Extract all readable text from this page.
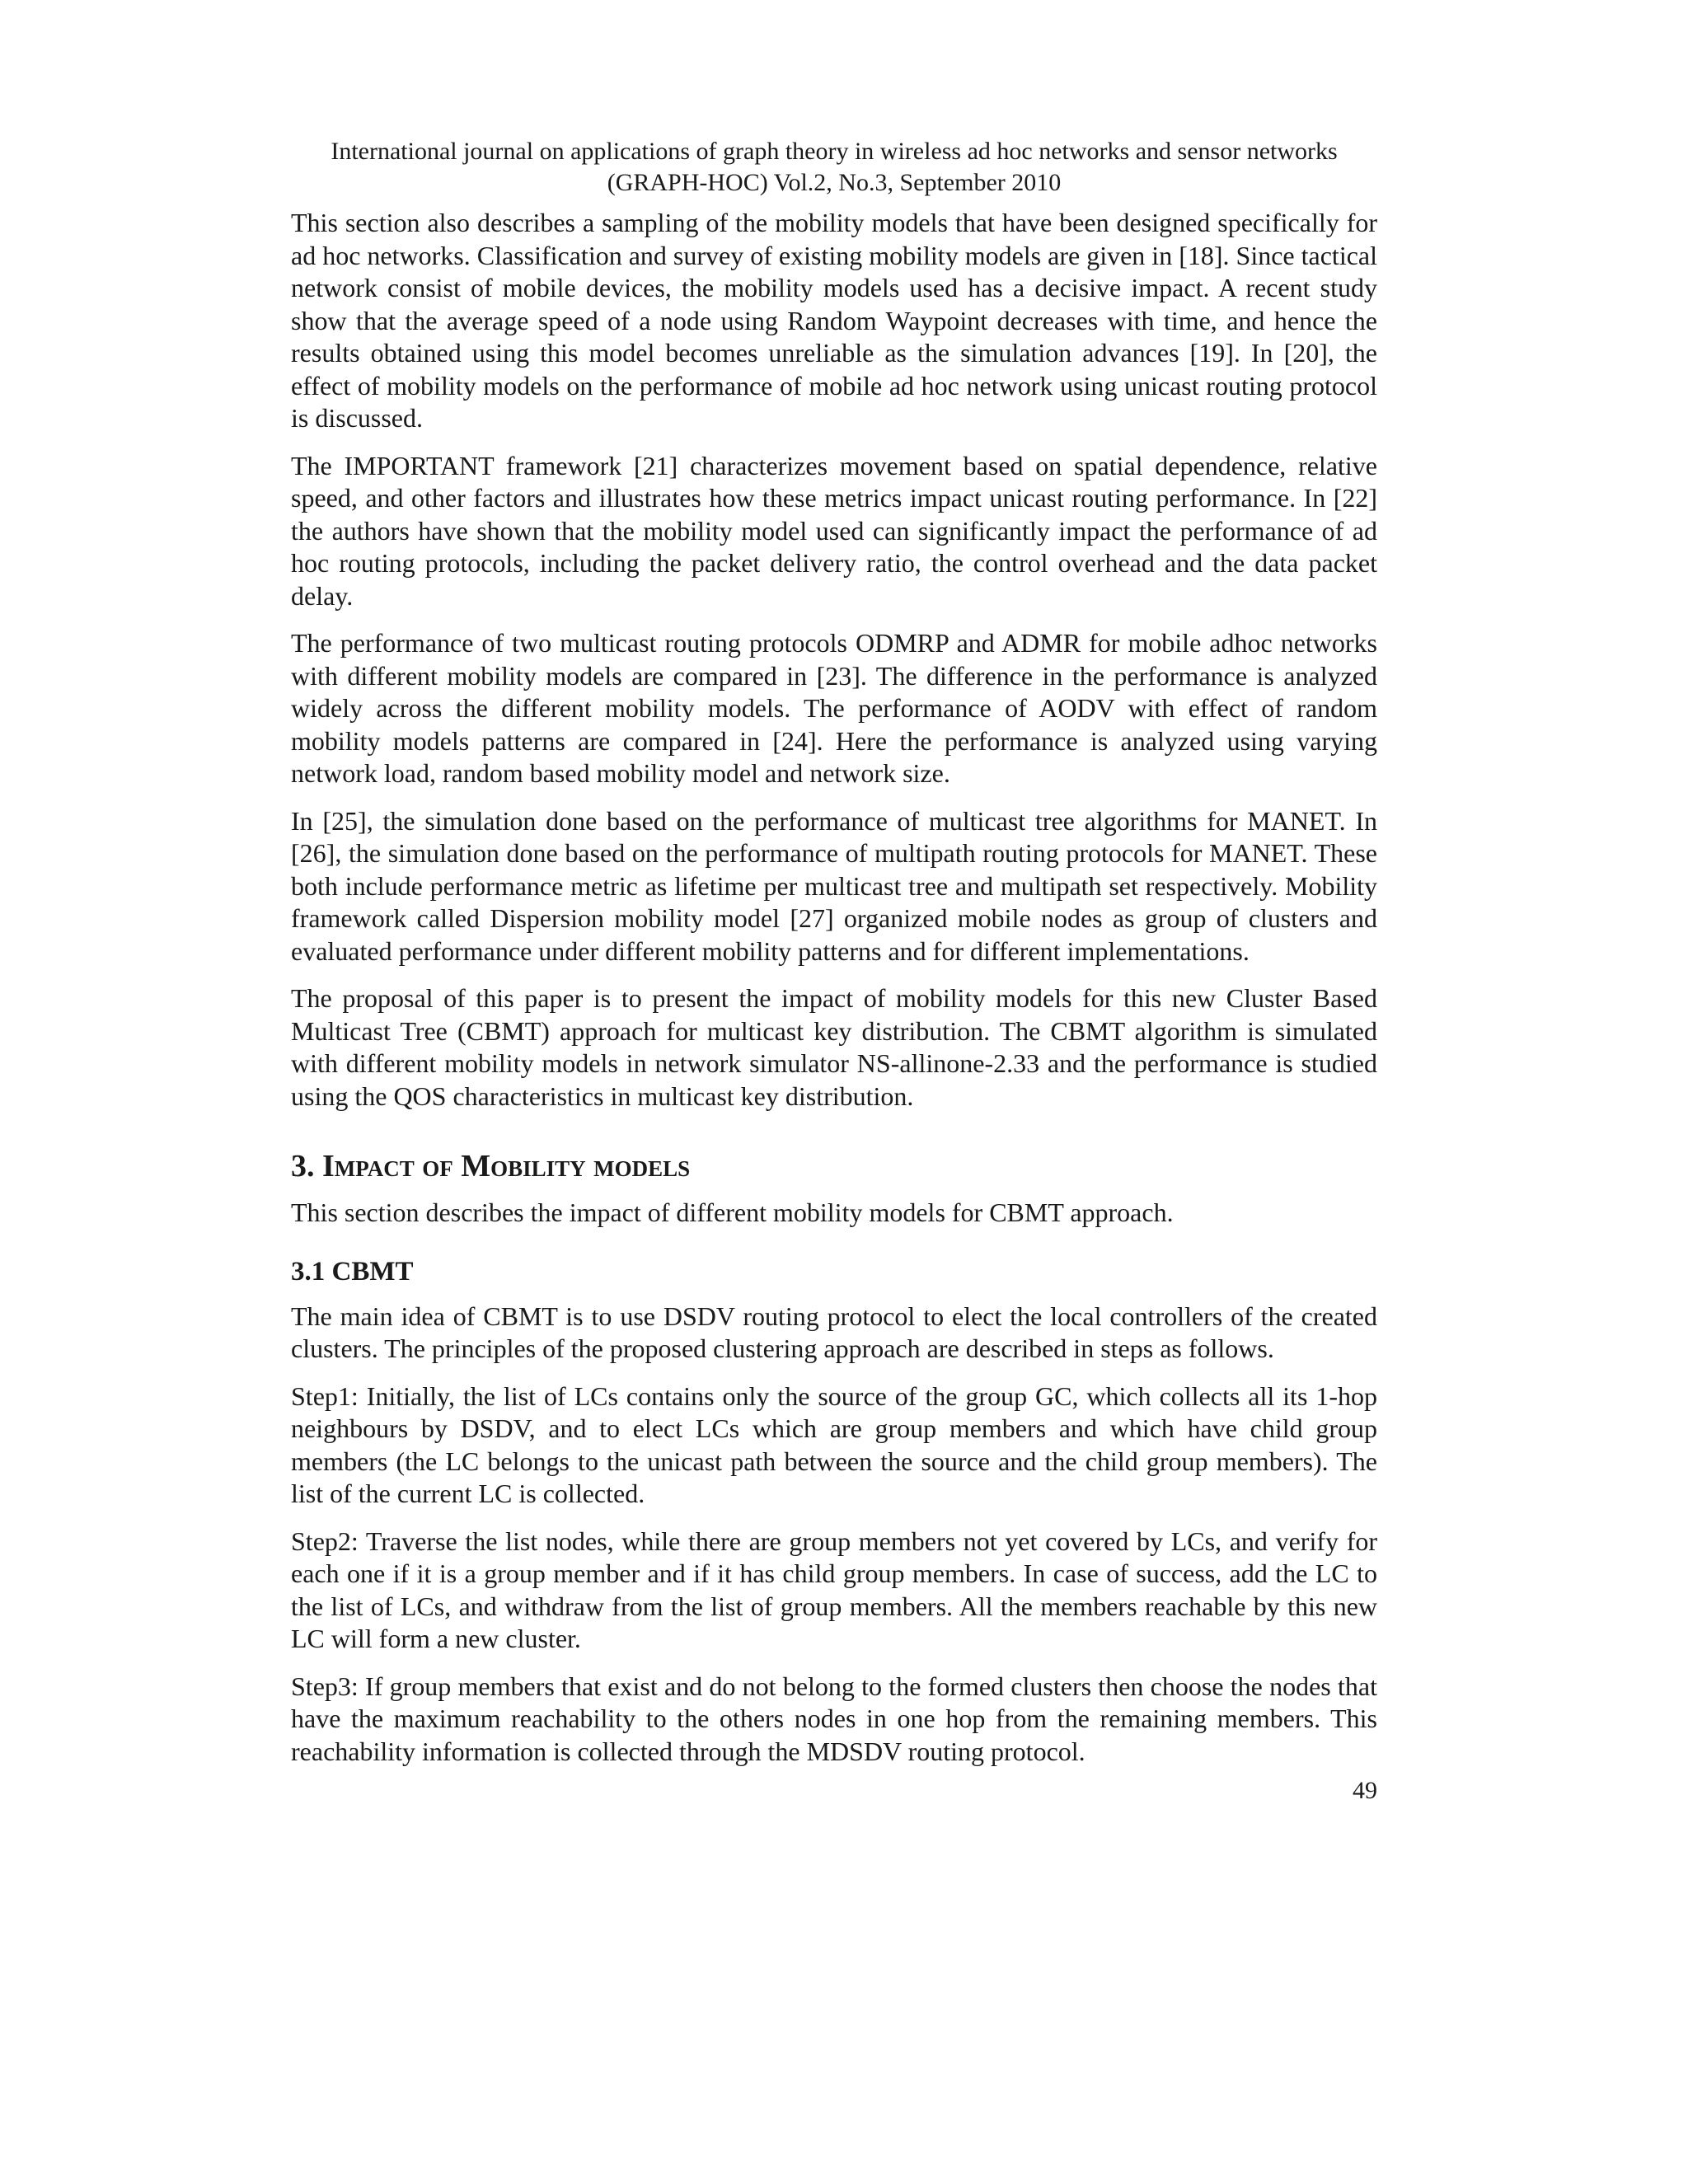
International journal on applications of graph theory in wireless ad hoc networks and sensor networks
(GRAPH-HOC) Vol.2, No.3, September 2010

This section also describes a sampling of the mobility models that have been designed specifically for ad hoc networks. Classification and survey of existing mobility models are given in [18]. Since tactical network consist of mobile devices, the mobility models used has a decisive impact. A recent study show that the average speed of a node using Random Waypoint decreases with time, and hence the results obtained using this model becomes unreliable as the simulation advances [19]. In [20], the effect of mobility models on the performance of mobile ad hoc network using unicast routing protocol is discussed.

The IMPORTANT framework [21] characterizes movement based on spatial dependence, relative speed, and other factors and illustrates how these metrics impact unicast routing performance. In [22] the authors have shown that the mobility model used can significantly impact the performance of ad hoc routing protocols, including the packet delivery ratio, the control overhead and the data packet delay.

The performance of two multicast routing protocols ODMRP and ADMR for mobile adhoc networks with different mobility models are compared in [23]. The difference in the performance is analyzed widely across the different mobility models. The performance of AODV with effect of random mobility models patterns are compared in [24]. Here the performance is analyzed using varying network load, random based mobility model and network size.

In [25], the simulation done based on the performance of multicast tree algorithms for MANET. In [26], the simulation done based on the performance of multipath routing protocols for MANET. These both include performance metric as lifetime per multicast tree and multipath set respectively. Mobility framework called Dispersion mobility model [27] organized mobile nodes as group of clusters and evaluated performance under different mobility patterns and for different implementations.

The proposal of this paper is to present the impact of mobility models for this new Cluster Based Multicast Tree (CBMT) approach for multicast key distribution. The CBMT algorithm is simulated with different mobility models in network simulator NS-allinone-2.33 and the performance is studied using the QOS characteristics in multicast key distribution.

3. Impact of Mobility models

This section describes the impact of different mobility models for CBMT approach.

3.1 CBMT

The main idea of CBMT is to use DSDV routing protocol to elect the local controllers of the created clusters. The principles of the proposed clustering approach are described in steps as follows.

Step1: Initially, the list of LCs contains only the source of the group GC, which collects all its 1-hop neighbours by DSDV, and to elect LCs which are group members and which have child group members (the LC belongs to the unicast path between the source and the child group members). The list of the current LC is collected.

Step2: Traverse the list nodes, while there are group members not yet covered by LCs, and verify for each one if it is a group member and if it has child group members. In case of success, add the LC to the list of LCs, and withdraw from the list of group members. All the members reachable by this new LC will form a new cluster.

Step3: If group members that exist and do not belong to the formed clusters then choose the nodes that have the maximum reachability to the others nodes in one hop from the remaining members. This reachability information is collected through the MDSDV routing protocol.

49
